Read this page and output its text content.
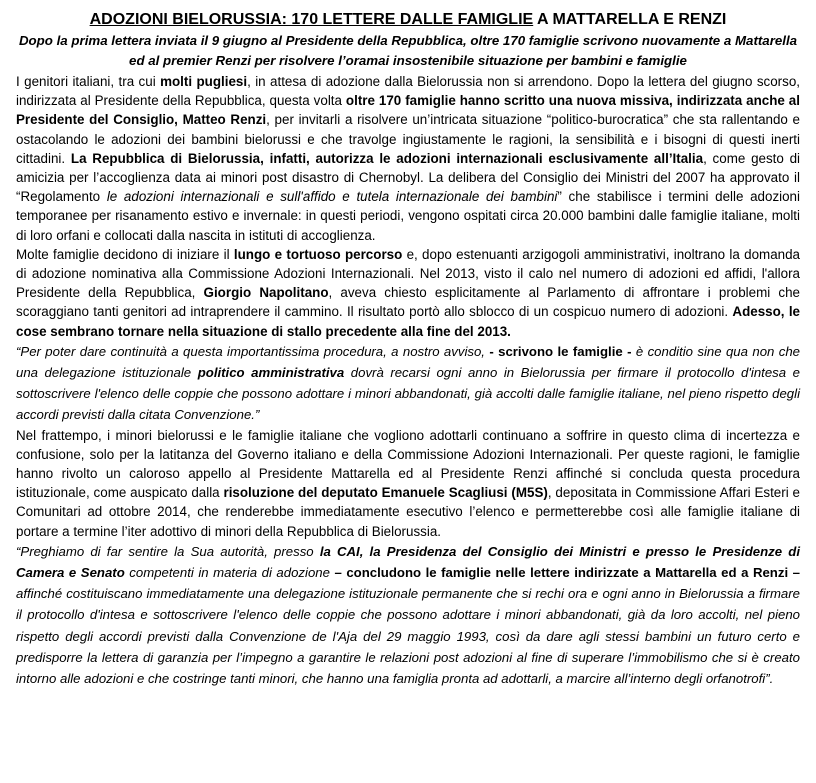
ADOZIONI BIELORUSSIA: 170 LETTERE DALLE FAMIGLIE A MATTARELLA E RENZI
Dopo la prima lettera inviata il 9 giugno al Presidente della Repubblica, oltre 170 famiglie scrivono nuovamente a Mattarella ed al premier Renzi per risolvere l’oramai insostenibile situazione per bambini e famiglie

I genitori italiani, tra cui molti pugliesi, in attesa di adozione dalla Bielorussia non si arrendono. Dopo la lettera del giugno scorso, indirizzata al Presidente della Repubblica, questa volta oltre 170 famiglie hanno scritto una nuova missiva, indirizzata anche al Presidente del Consiglio, Matteo Renzi, per invitarli a risolvere un’intricata situazione “politico-burocratica” che sta rallentando e ostacolando le adozioni dei bambini bielorussi e che travolge ingiustamente le ragioni, la sensibilità e i bisogni di questi inerti cittadini. La Repubblica di Bielorussia, infatti, autorizza le adozioni internazionali esclusivamente all’Italia, come gesto di amicizia per l’accoglienza data ai minori post disastro di Chernobyl. La delibera del Consiglio dei Ministri del 2007 ha approvato il “Regolamento le adozioni internazionali e sull'affido e tutela internazionale dei bambini” che stabilisce i termini delle adozioni temporanee per risanamento estivo e invernale: in questi periodi, vengono ospitati circa 20.000 bambini dalle famiglie italiane, molti di loro orfani e collocati dalla nascita in istituti di accoglienza.

Molte famiglie decidono di iniziare il lungo e tortuoso percorso e, dopo estenuanti arzigogoli amministrativi, inoltrano la domanda di adozione nominativa alla Commissione Adozioni Internazionali. Nel 2013, visto il calo nel numero di adozioni ed affidi, l'allora Presidente della Repubblica, Giorgio Napolitano, aveva chiesto esplicitamente al Parlamento di affrontare i problemi che scoraggiano tanti genitori ad intraprendere il cammino. Il risultato portò allo sblocco di un cospicuo numero di adozioni. Adesso, le cose sembrano tornare nella situazione di stallo precedente alla fine del 2013.

“Per poter dare continuità a questa importantissima procedura, a nostro avviso, - scrivono le famiglie - è conditio sine qua non che una delegazione istituzionale politico amministrativa dovrà recarsi ogni anno in Bielorussia per firmare il protocollo d'intesa e sottoscrivere l'elenco delle coppie che possono adottare i minori abbandonati, già accolti dalle famiglie italiane, nel pieno rispetto degli accordi previsti dalla citata Convenzione.”

Nel frattempo, i minori bielorussi e le famiglie italiane che vogliono adottarli continuano a soffrire in questo clima di incertezza e confusione, solo per la latitanza del Governo italiano e della Commissione Adozioni Internazionali. Per queste ragioni, le famiglie hanno rivolto un caloroso appello al Presidente Mattarella ed al Presidente Renzi affinché si concluda questa procedura istituzionale, come auspicato dalla risoluzione del deputato Emanuele Scagliusi (M5S), depositata in Commissione Affari Esteri e Comunitari ad ottobre 2014, che renderebbe immediatamente esecutivo l’elenco e permetterebbe così alle famiglie italiane di portare a termine l’iter adottivo di minori della Repubblica di Bielorussia.

“Preghiamo di far sentire la Sua autorità, presso la CAI, la Presidenza del Consiglio dei Ministri e presso le Presidenze di Camera e Senato competenti in materia di adozione – concludono le famiglie nelle lettere indirizzate a Mattarella ed a Renzi – affinché costituiscano immediatamente una delegazione istituzionale permanente che si rechi ora e ogni anno in Bielorussia a firmare il protocollo d'intesa e sottoscrivere l'elenco delle coppie che possono adottare i minori abbandonati, già da loro accolti, nel pieno rispetto degli accordi previsti dalla Convenzione de l'Aja del 29 maggio 1993, così da dare agli stessi bambini un futuro certo e predisporre la lettera di garanzia per l’impegno a garantire le relazioni post adozioni al fine di superare l’immobilismo che si è creato intorno alle adozioni e che costringe tanti minori, che hanno una famiglia pronta ad adottarli, a marcire all’interno degli orfanotrofi”.
